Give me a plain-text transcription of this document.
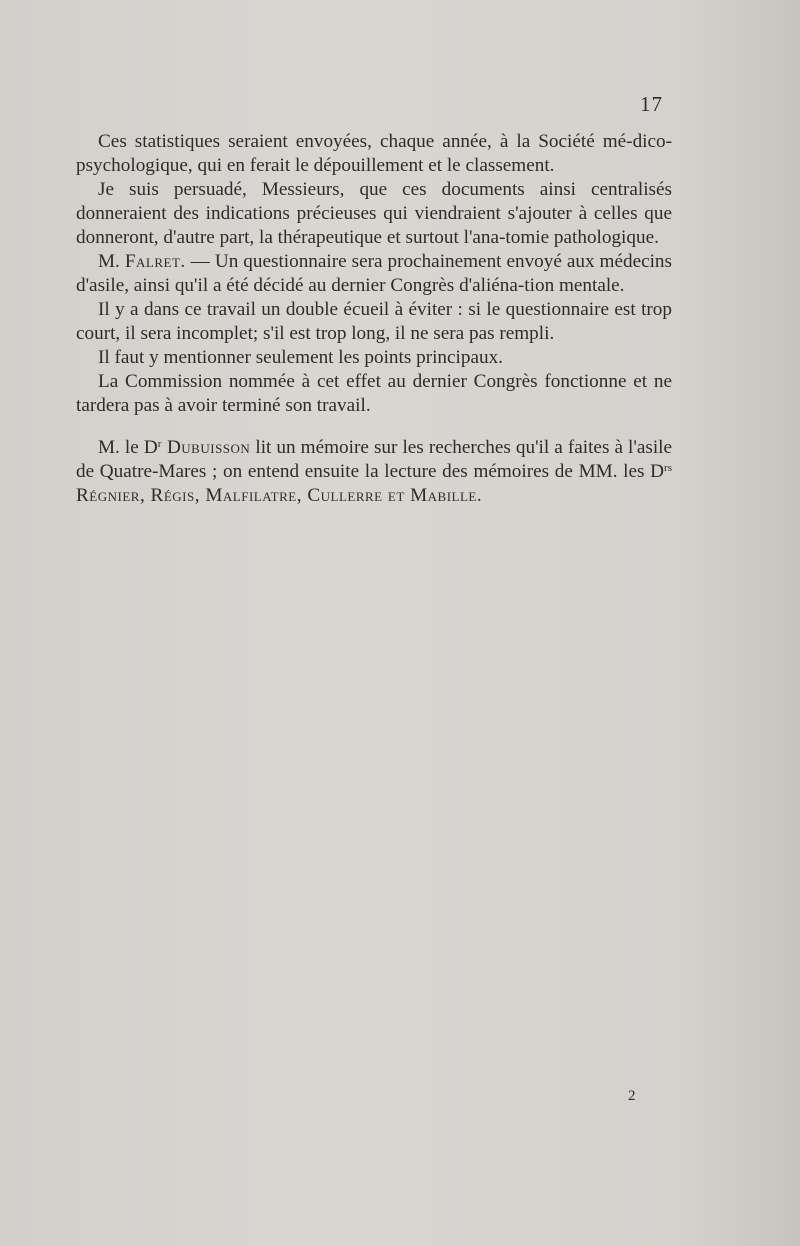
17

Ces statistiques seraient envoyées, chaque année, à la Société mé-dico-psychologique, qui en ferait le dépouillement et le classement.

Je suis persuadé, Messieurs, que ces documents ainsi centralisés donneraient des indications précieuses qui viendraient s'ajouter à celles que donneront, d'autre part, la thérapeutique et surtout l'ana-tomie pathologique.

M. Falret. — Un questionnaire sera prochainement envoyé aux médecins d'asile, ainsi qu'il a été décidé au dernier Congrès d'aliéna-tion mentale.

Il y a dans ce travail un double écueil à éviter : si le questionnaire est trop court, il sera incomplet; s'il est trop long, il ne sera pas rempli.

Il faut y mentionner seulement les points principaux.

La Commission nommée à cet effet au dernier Congrès fonctionne et ne tardera pas à avoir terminé son travail.

M. le $D^r$ Dubuisson lit un mémoire sur les recherches qu'il a faites à l'asile de Quatre-Mares ; on entend ensuite la lecture des mémoires de MM. les $D^{rs}$ Régnier, Régis, Malfilatre, Cullerre et Mabille.

2
